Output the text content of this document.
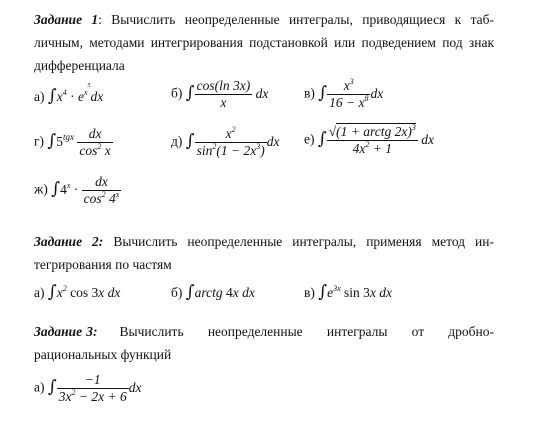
Задание 1: Вычислить неопределенные интегралы, приводящиеся к таб-
личным, методами интегрирования подстановкой или подведением под знак
дифференциала
а) $\int x^4 \cdot e^{x^5}dx$	б) ∫ $\frac{\cos(\ln 3x)}{x}$ dx	в) ∫ $\frac{x^3}{16 - x^8}$ dx
г) $\int 5^{tgx} \frac{dx}{\cos^2 x}$	д) ∫ $\frac{x^2}{\sin^2(1 - 2x^3)}$ dx е) ∫ $\frac{√(1 + arctg 2x)^3}{4x^2 + 1}$ dx
ж) $\int 4^x \cdot \frac{dx}{\cos^2 4^x}$
Задание 2: Вычислить неопределенные интегралы, применяя метод ин-
тегрирования по частям
а) $\int x^2$ cos 3x dx	б) ∫arctg 4x dx	в) $\int e^{3x}$ sin 3x dx
Задание 3: Вычислить неопределенные интегралы от дробно-
рациональных функций
а) ∫ $\frac{-1}{3x^2 - 2x + 6}$ dx
